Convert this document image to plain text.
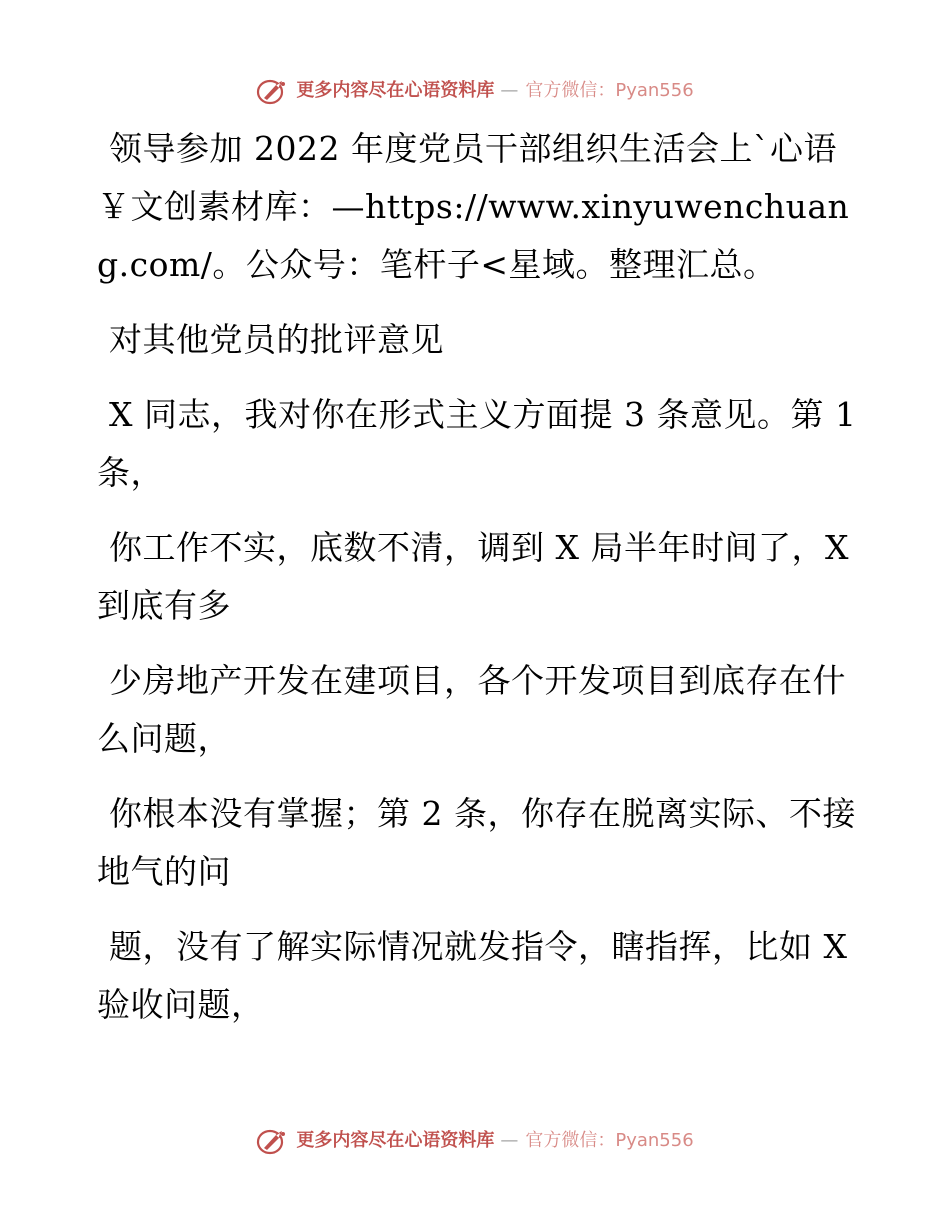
更多内容尽在心语资料库 — 官方微信：Pyan556

领导参加 2022 年度党员干部组织生活会上`心语￥文创素材库：—https://www.xinyuwenchuang.com/。公众号：笔杆子<星域。整理汇总。

对其他党员的批评意见

X 同志，我对你在形式主义方面提 3 条意见。第 1 条，

你工作不实，底数不清，调到 X 局半年时间了，X 到底有多

少房地产开发在建项目，各个开发项目到底存在什么问题，

你根本没有掌握；第 2 条，你存在脱离实际、不接地气的问

题，没有了解实际情况就发指令，瞎指挥，比如 X 验收问题，

更多内容尽在心语资料库 — 官方微信：Pyan556
